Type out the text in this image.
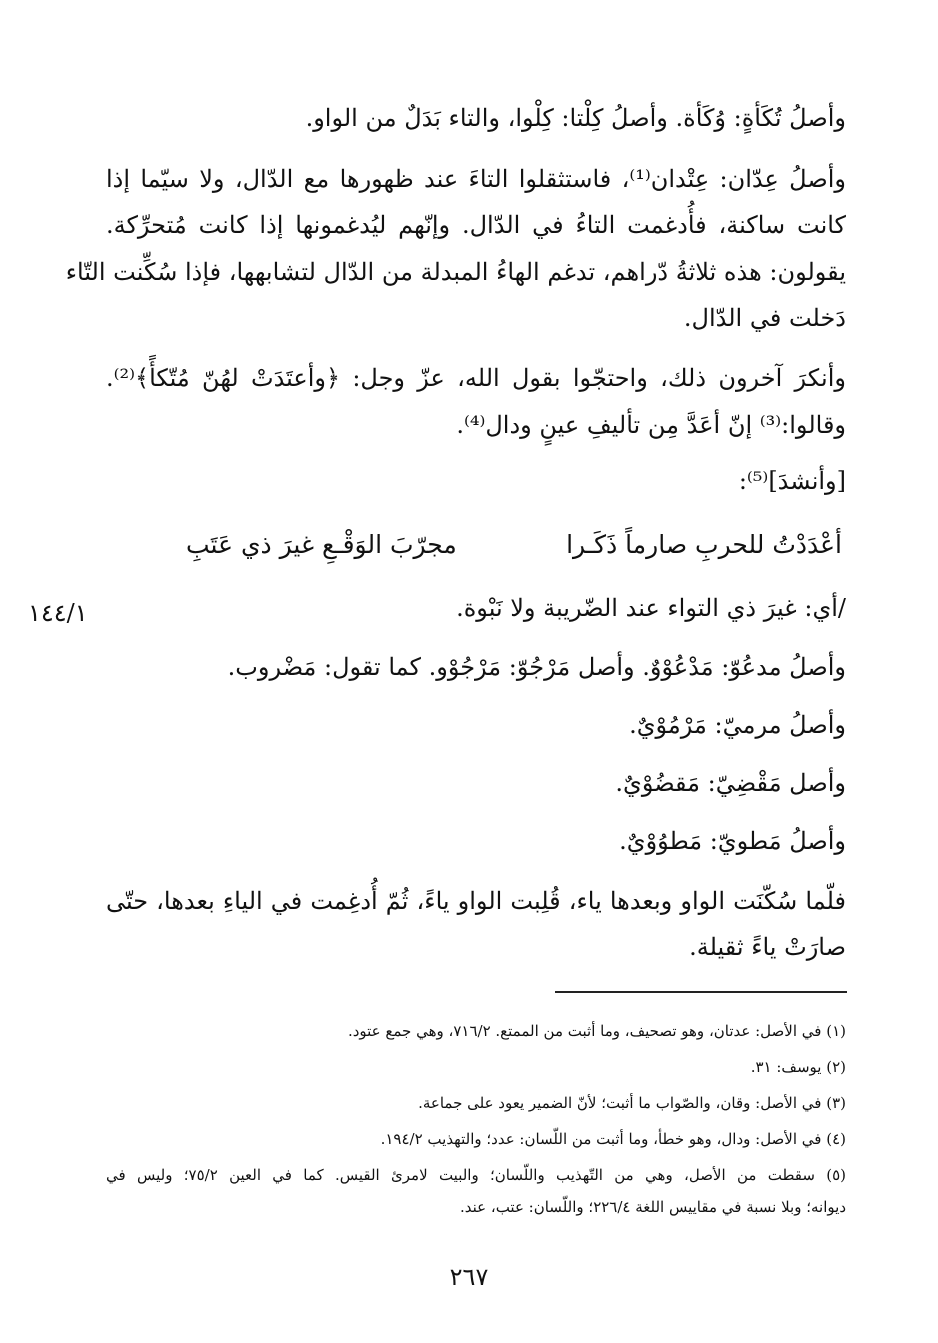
وأصلُ تُكَأةٍ: وُكَأة. وأصلُ كِلْتا: كِلْوا، والتاء بَدَلٌ من الواو.
وأصلُ عِدّان: عِتْدان⁽¹⁾، فاستثقلوا التاءَ عند ظهورها مع الدّال، ولا سيّما إذا
كانت ساكنة، فأُدغمت التاءُ في الدّال. وإنّهم ليُدغمونها إذا كانت مُتحرِّكة.
يقولون: هذه ثلاثةُ دّراهم، تدغم الهاءُ المبدلة من الدّال لتشابهها، فإذا سُكِّنت التّاء
دَخلت في الدّال.
وأنكرَ آخرون ذلك، واحتجّوا بقول الله، عزّ وجل: ﴿وأعتَدَتْ لهُنّ مُتّكأً﴾⁽²⁾.
وقالوا:⁽³⁾ إنّ أعَدَّ مِن تأليفِ عينٍ ودال⁽⁴⁾.
[وأنشدَ]⁽⁵⁾:
أعْدَدْتُ للحربِ صارماً ذَكَـرا
مجرّبَ الوَقْـعِ غيرَ ذي عَتَبِ
١٤٤/١	/أي: غيرَ ذي التواء عند الضّريبة ولا نَبْوة.
وأصلُ مدعُوّ: مَدْعُوْوٌ. وأصل مَرْجُوّ: مَرْجُوْو. كما تقول: مَضْروب.
وأصلُ مرميّ: مَرْمُوْيٌ.
وأصل مَقْضِيّ: مَقضُوْيٌ.
وأصلُ مَطويّ: مَطوُوْيٌ.
فلّما سُكّنَت الواو وبعدها ياء، قُلِبت الواو ياءً، ثُمّ أُدغِمت في الياءِ بعدها، حتّى
صارَتْ ياءً ثقيلة.
(١) في الأصل: عدتان، وهو تصحيف، وما أثبت من الممتع. ٧١٦/٢، وهي جمع عتود.
(٢) يوسف: ٣١.
(٣) في الأصل: وقان، والصّواب ما أثبت؛ لأنّ الضمير يعود على جماعة.
(٤) في الأصل: ودال، وهو خطأ، وما أثبت من اللّسان: عدد؛ والتهذيب ١٩٤/٢.
(٥) سقطت من الأصل، وهي من التّهذيب واللّسان؛ والبيت لامرئ القيس. كما في العين ٧٥/٢؛ وليس في
ديوانه؛ وبلا نسبة في مقاييس اللغة ٢٢٦/٤؛ واللّسان: عتب، عند.
٢٦٧
